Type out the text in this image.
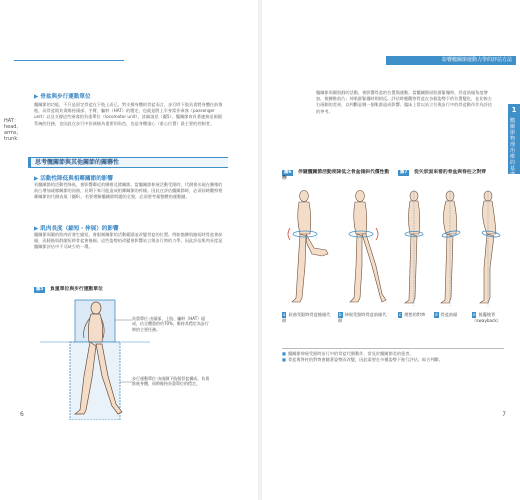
▶ 骨盆與步行運動單位
HAT：head, arms, trunk
髖關節的功能，不只是固定骨盆在下肢上而已。對支撐身體的骨盆而言，步行時下肢負責將身體往前推進，而骨盆則負責維持頭部、手臂、軀幹（HAT）的穩定，也就是將上半身當作乘客（passenger unit）以及支撐這些乘客的負重單位（locomotor unit），詳細請見（圖5）。髖關節肩負著連接這兩個系統的任務，也因此在步行中扮演極為重要的角色，也是身體重心（重心位置）最主要的控制者。
思考髖關節與其他關節的關聯性
▶ 活動性降低與相鄰關節的影響
若髖關節的活動性降低，會影響鄰近的腰椎及膝關節。當髖關節伸展活動受限時，代償會出現在腰椎的前凸增加或膝關節的屈曲，長期下來可能造成相鄰關節的疼痛。因此在評估髖關節時，必須同時觀察相鄰關節的代償表現（圖6）。若要理解髖關節問題的全貌，必須要考量整體的運動鏈。
▶ 肌肉長度（縮短・伸展）的影響
髖關節周圍的肌肉若發生縮短，會限制關節的活動範圍並改變骨盆的位置。例如髂腰肌縮短時骨盆會前傾，而腿後肌群縮短時骨盆會後傾。這些姿勢的改變會影響站立與步行時的力學，因此評估肌肉長度是髖關節評估中不可缺少的一環。
圖5 負重單位與步行運動單位
負重單位 由頭部、上肢、軀幹（HAT）組成，佔全體重的約70%，維持其穩定為步行時的主要任務。
步行運動單位 由兩側下肢與骨盆構成，負責推進身體，同時維持負重單位的穩定。
6
影響髖關節運動力學的評估方法
1
髖關節物理治療的基礎
髖關節周圍肌群的活動，會影響骨盆的位置與運動。當髖關節屈肌群緊繃時，骨盆前傾角度增加，使腰椎前凸；伸肌群緊繃時則相反。評估時應觀察骨盆在各個姿勢下的位置變化，並比較左右兩側的差異，以判斷是哪一個肌群造成影響。臨床上常以站立位與步行中的骨盆動作作為評估的參考。
圖6 伴隨髖關節活動度降低之骨盆傾斜代償性動作
圖7 從矢狀面來看的骨盆與脊柱之對齊
a 屈曲受限時骨盆後傾代償
b 伸展受限時骨盆前傾代償
c 理想的對齊	d 骨盆前傾	e 搖擺後背（swayback）
■ 髖關節伸展受限時步行中的骨盆代償動作，常見於髖關節炎的患者。
■ 骨盆與脊柱的對齊會隨著姿勢而改變，因此需要在多種姿勢下進行評估，綜合判斷。
7
